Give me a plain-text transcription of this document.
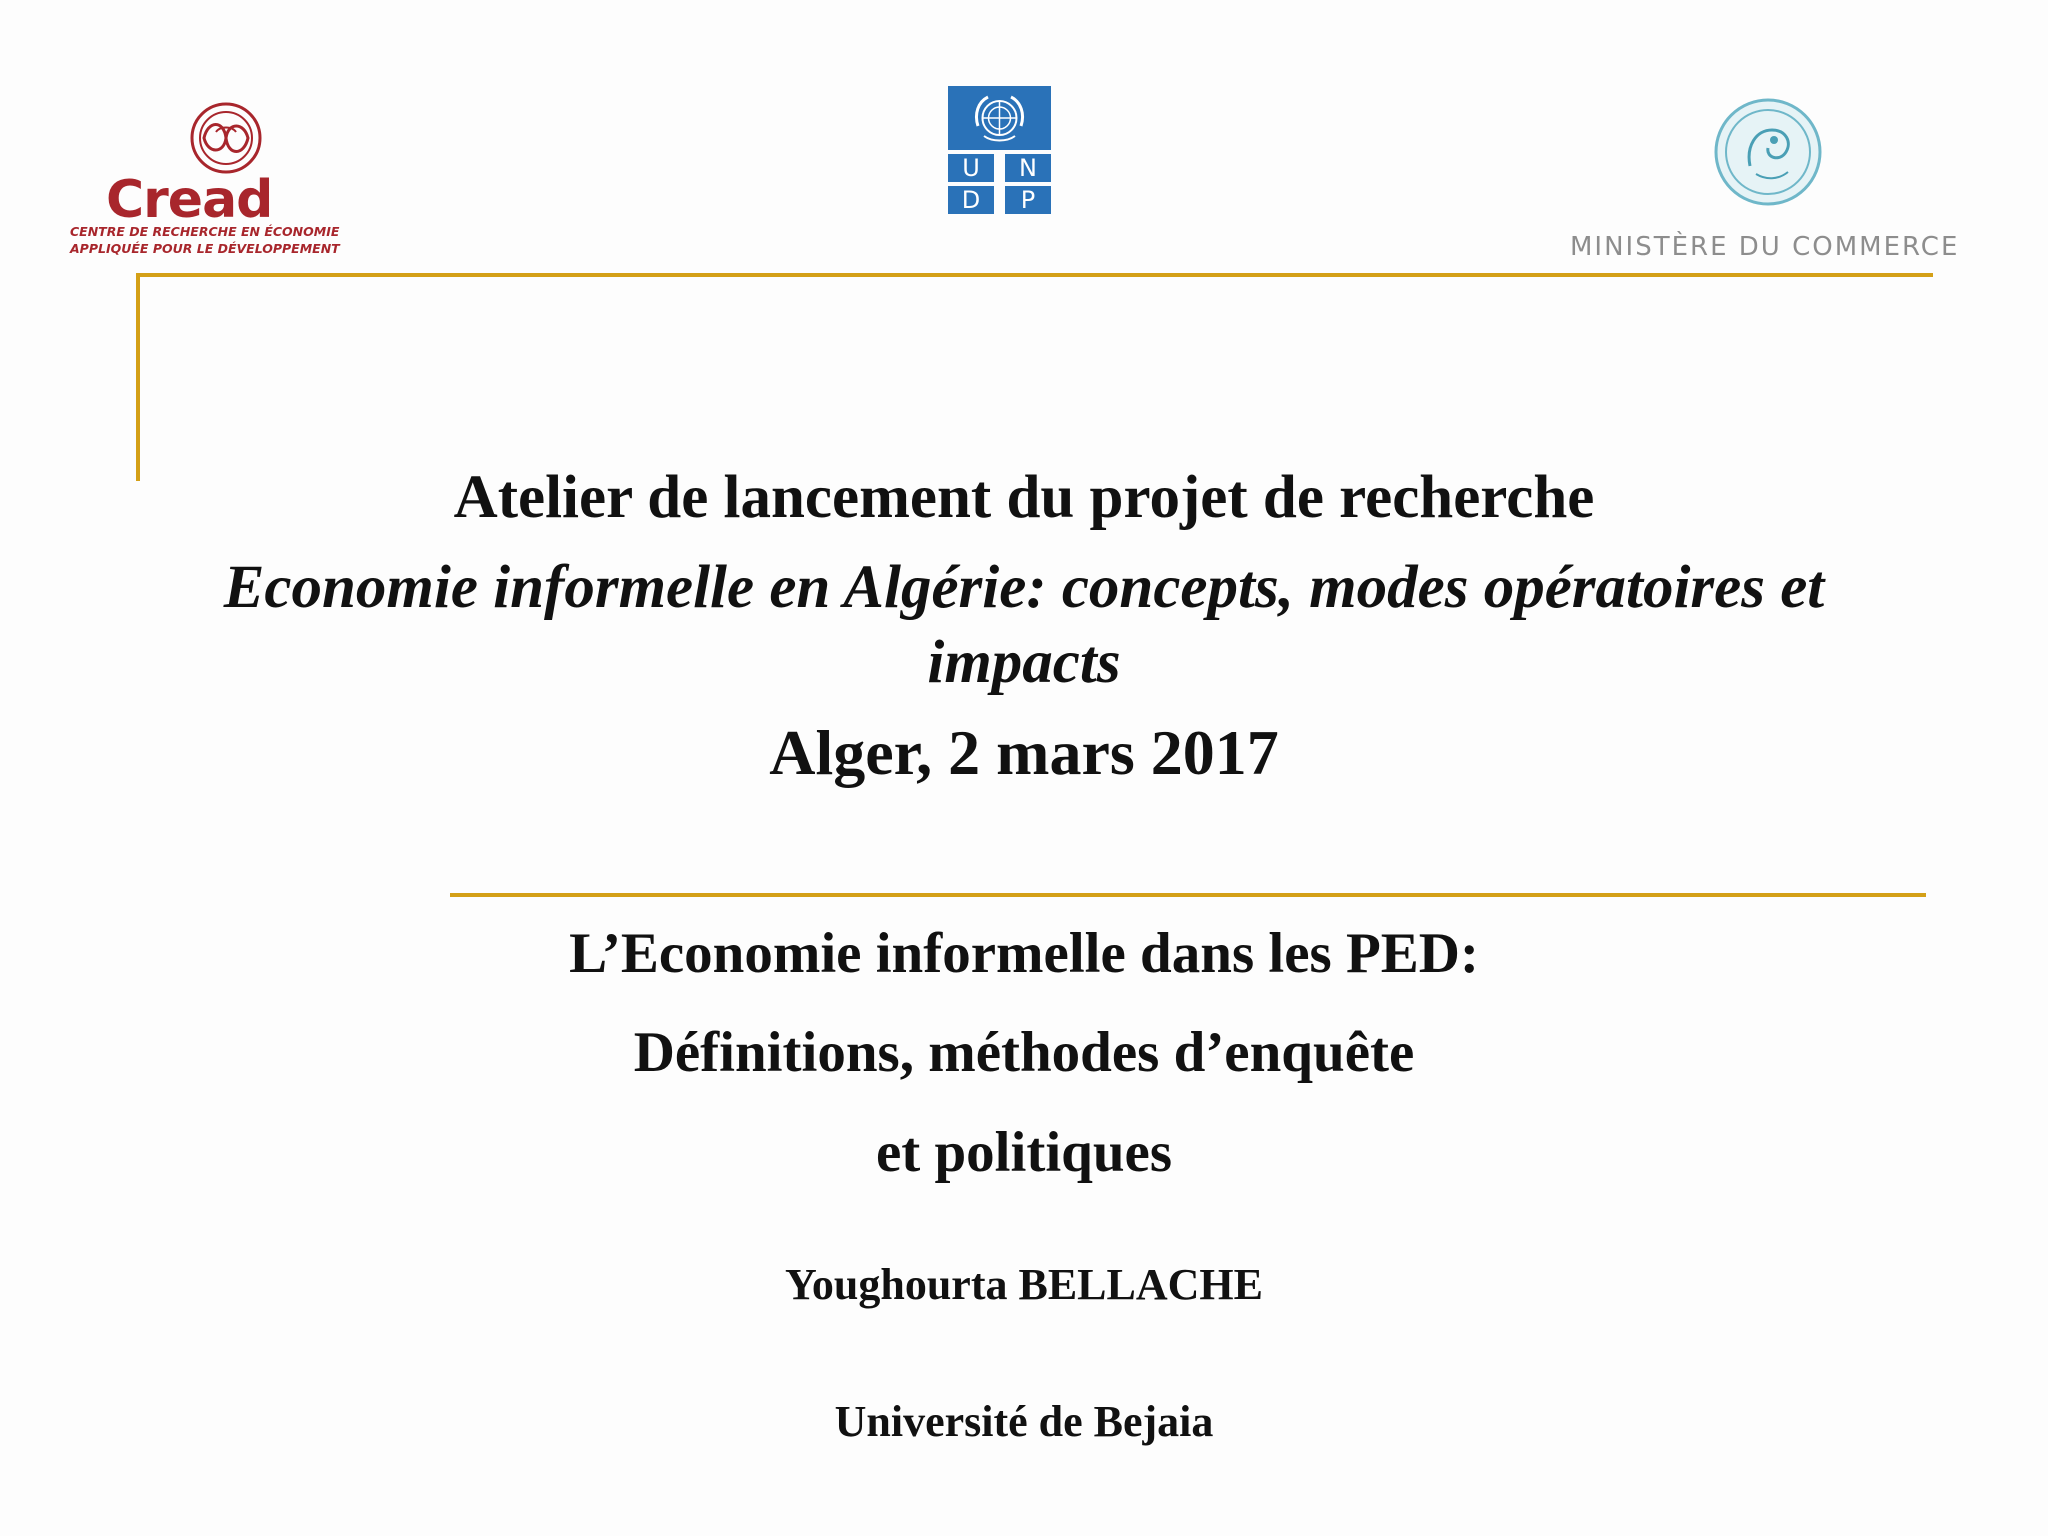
Cread
CENTRE DE RECHERCHE EN ÉCONOMIE
APPLIQUÉE POUR LE DÉVELOPPEMENT
U	N
D	P
MINISTÈRE DU COMMERCE
Atelier de lancement du projet de recherche
Economie informelle en Algérie: concepts, modes opératoires et
impacts
Alger, 2 mars 2017
L’Economie informelle dans les PED:
Définitions, méthodes d’enquête
et politiques
Youghourta BELLACHE
Université de Bejaia
